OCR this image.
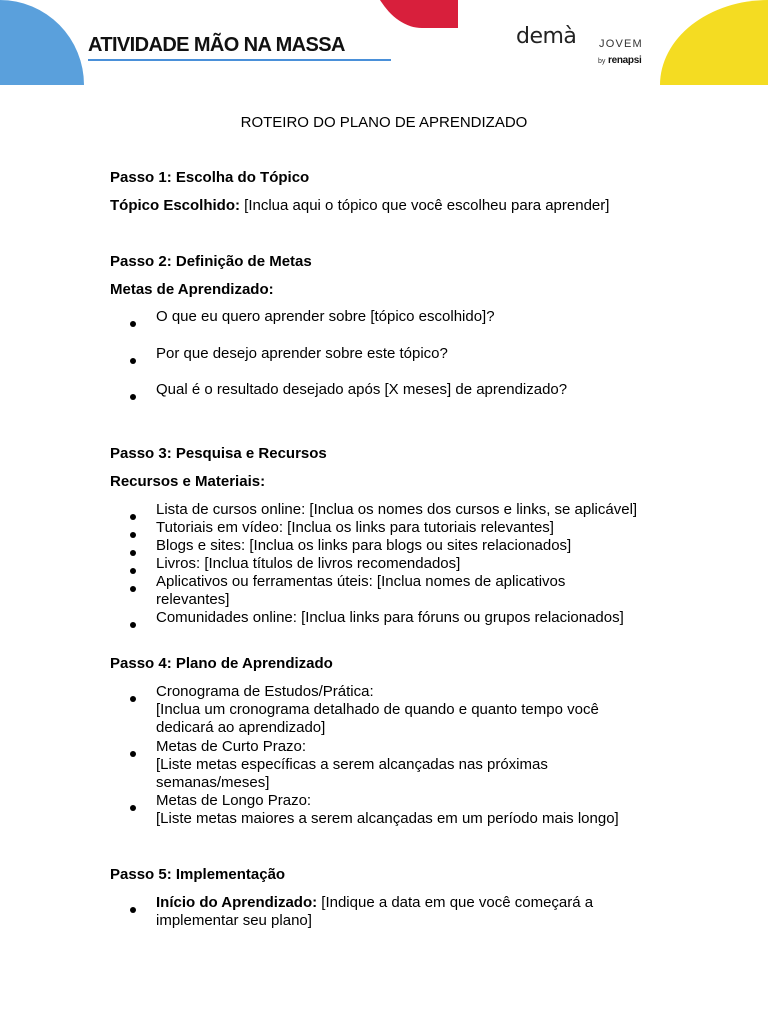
ATIVIDADE MÃO NA MASSA	demà JOVEM
by renapsi
ROTEIRO DO PLANO DE APRENDIZADO
Passo 1: Escolha do Tópico
Tópico Escolhido: [Inclua aqui o tópico que você escolheu para aprender]
Passo 2: Definição de Metas
Metas de Aprendizado:
O que eu quero aprender sobre [tópico escolhido]?
Por que desejo aprender sobre este tópico?
Qual é o resultado desejado após [X meses] de aprendizado?
Passo 3: Pesquisa e Recursos
Recursos e Materiais:
Lista de cursos online: [Inclua os nomes dos cursos e links, se aplicável]
Tutoriais em vídeo: [Inclua os links para tutoriais relevantes]
Blogs e sites: [Inclua os links para blogs ou sites relacionados]
Livros: [Inclua títulos de livros recomendados]
Aplicativos ou ferramentas úteis: [Inclua nomes de aplicativos
relevantes]
Comunidades online: [Inclua links para fóruns ou grupos relacionados]
Passo 4: Plano de Aprendizado
Cronograma de Estudos/Prática:
[Inclua um cronograma detalhado de quando e quanto tempo você
dedicará ao aprendizado]
Metas de Curto Prazo:
[Liste metas específicas a serem alcançadas nas próximas
semanas/meses]
Metas de Longo Prazo:
[Liste metas maiores a serem alcançadas em um período mais longo]
Passo 5: Implementação
Início do Aprendizado: [Indique a data em que você começará a
implementar seu plano]
